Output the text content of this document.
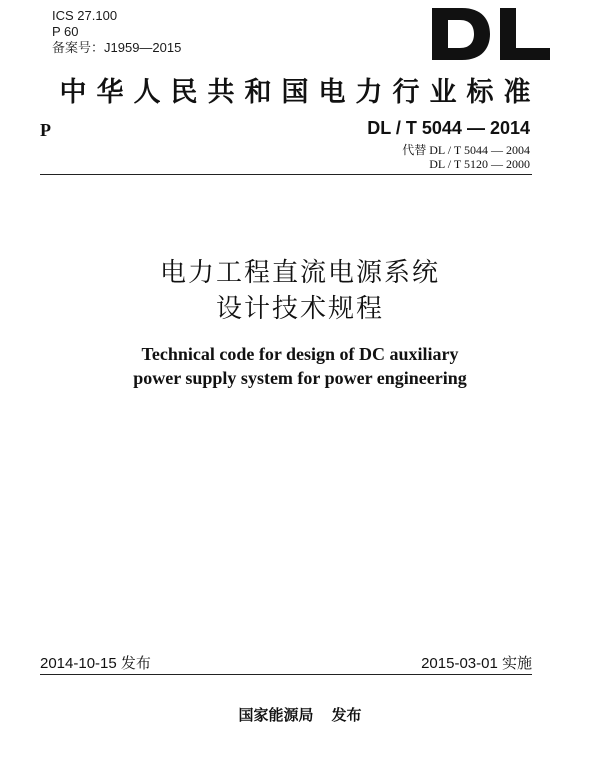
ICS 27.100
P 60
备案号：J1959—2015
中华人民共和国电力行业标准
P	DL / T 5044 — 2014
代替 DL / T 5044 — 2004
DL / T 5120 — 2000
电力工程直流电源系统
设计技术规程
Technical code for design of DC auxiliary
power supply system for power engineering
2014-10-15 发布	2015-03-01 实施
国家能源局 发布
